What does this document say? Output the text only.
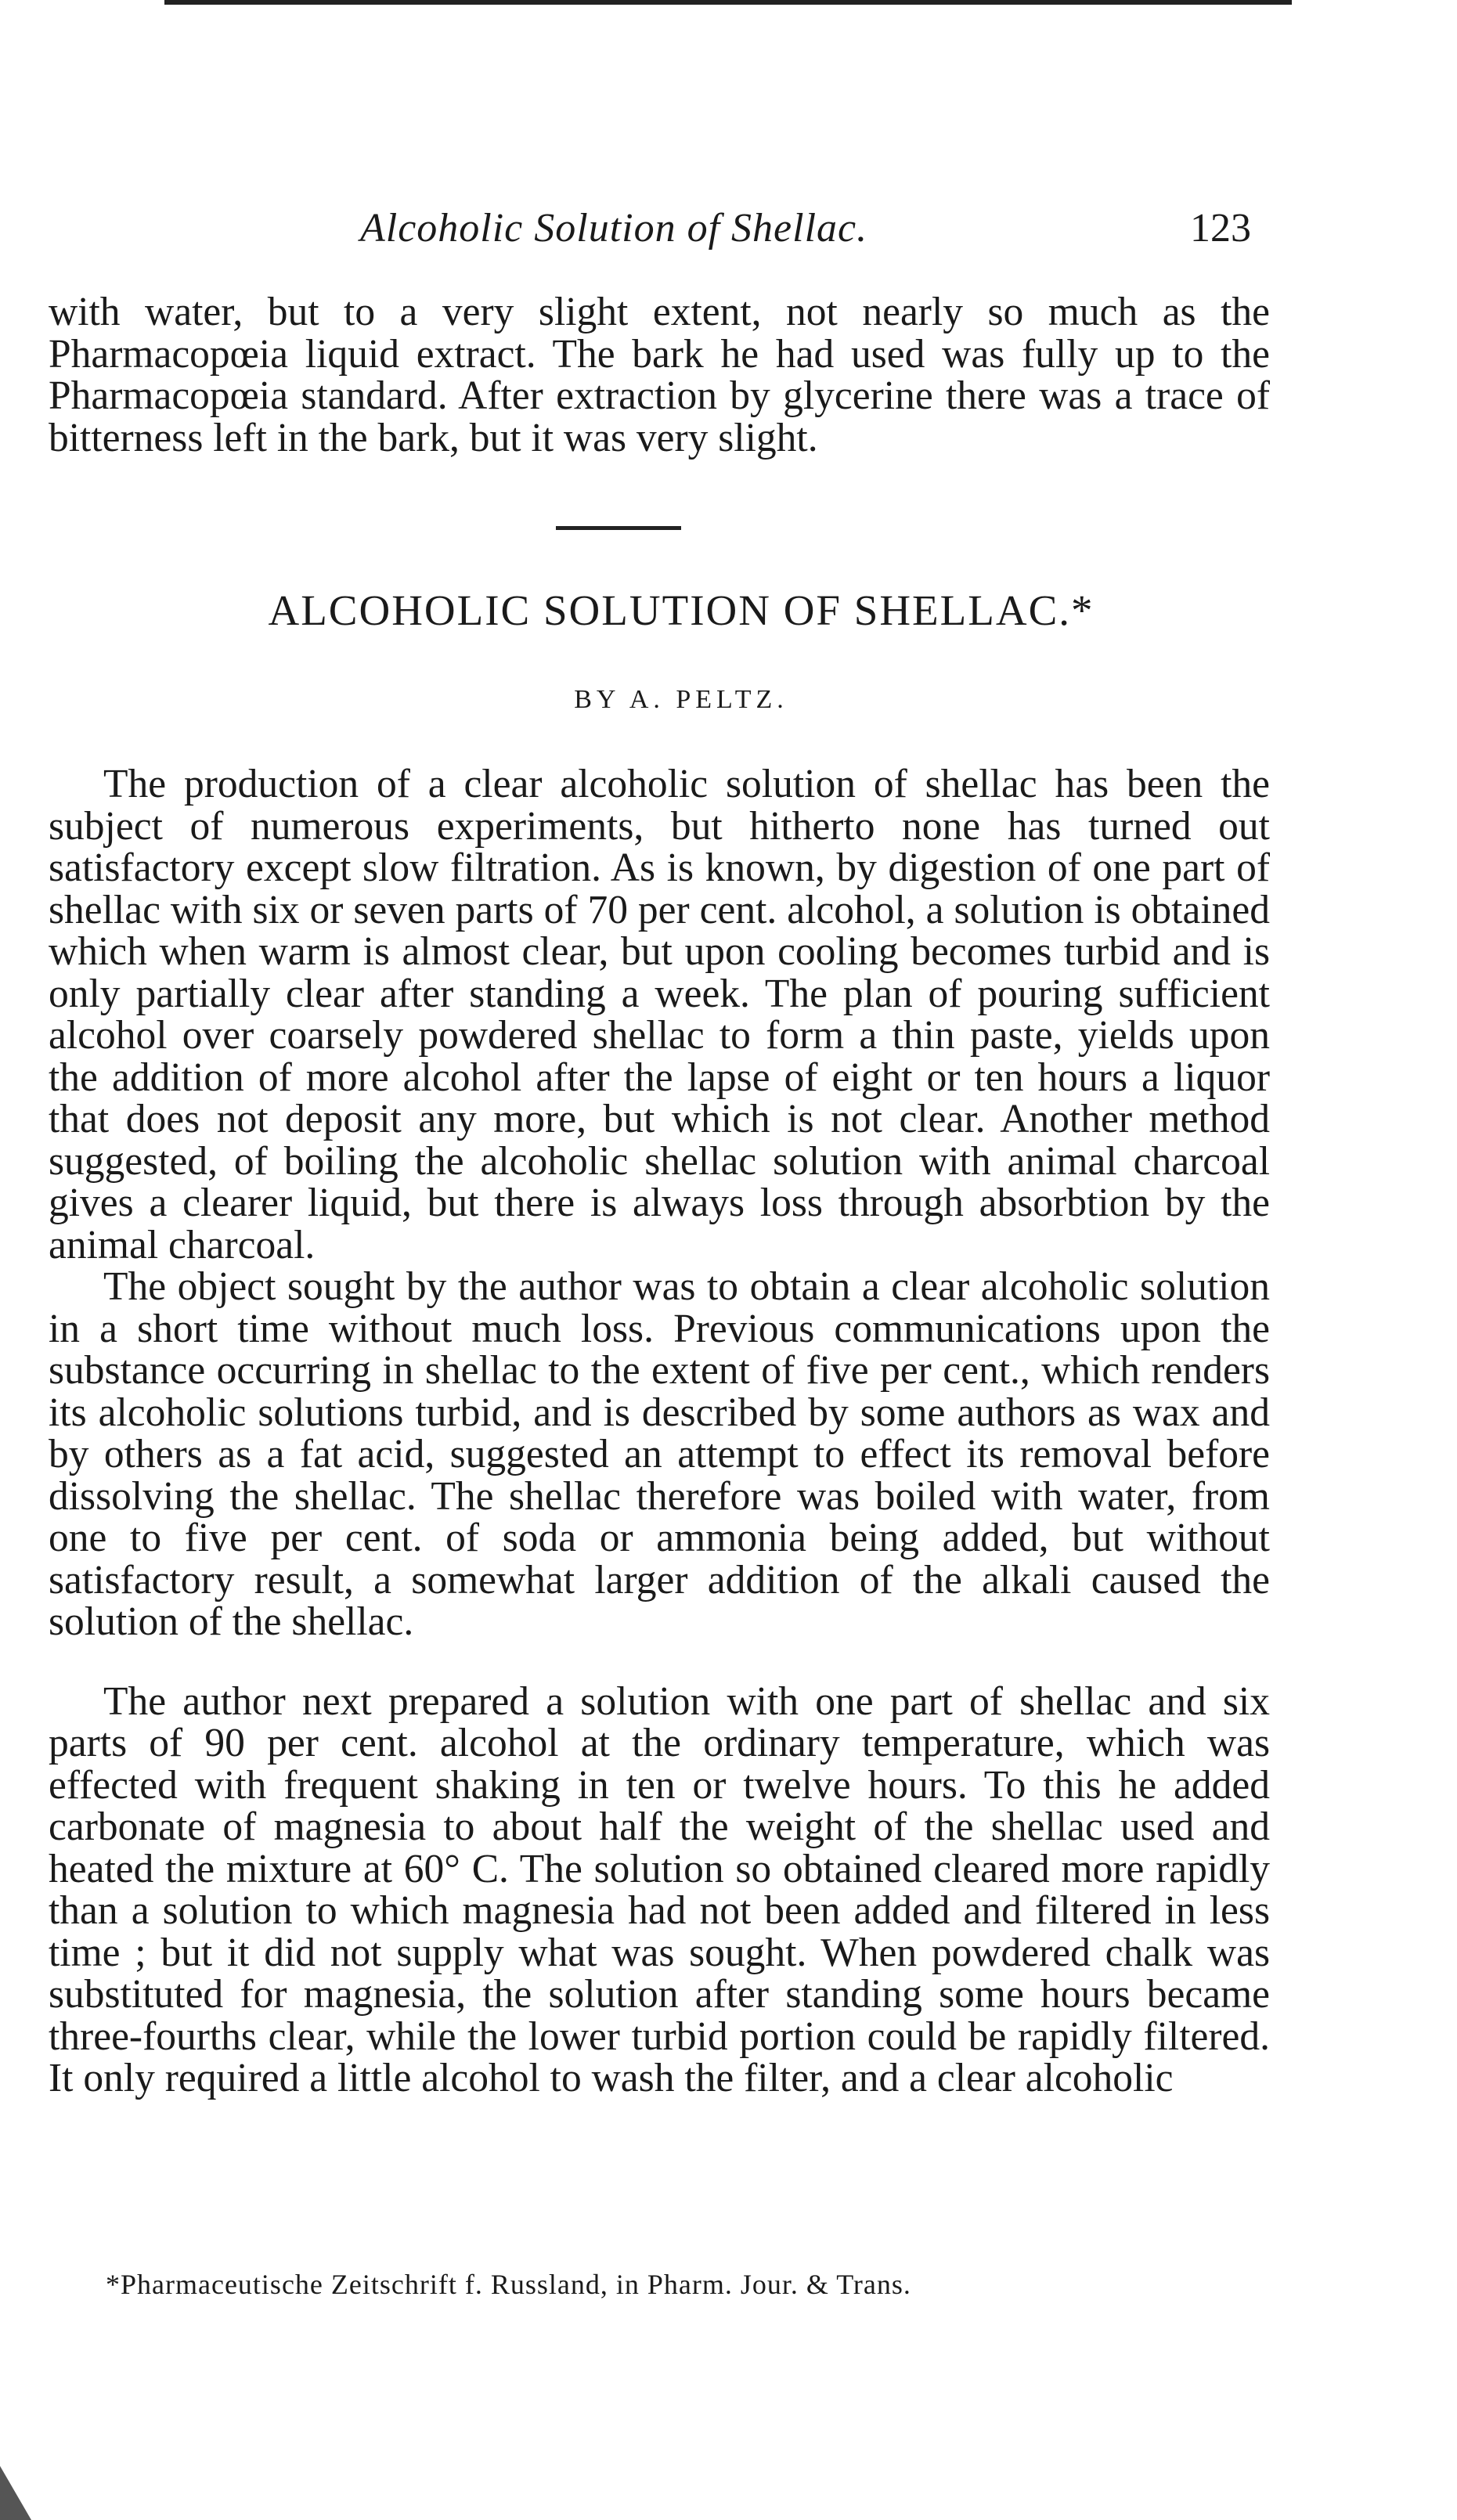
Alcoholic Solution of Shellac.	123

with water, but to a very slight extent, not nearly so much as the Pharmacopœia liquid extract. The bark he had used was fully up to the Pharmacopœia standard. After extraction by glycerine there was a trace of bitterness left in the bark, but it was very slight.

ALCOHOLIC SOLUTION OF SHELLAC.*
BY A. PELTZ.

The production of a clear alcoholic solution of shellac has been the subject of numerous experiments, but hitherto none has turned out satisfactory except slow filtration. As is known, by digestion of one part of shellac with six or seven parts of 70 per cent. alcohol, a solution is obtained which when warm is almost clear, but upon cooling becomes turbid and is only partially clear after standing a week. The plan of pouring sufficient alcohol over coarsely powdered shellac to form a thin paste, yields upon the addition of more alcohol after the lapse of eight or ten hours a liquor that does not deposit any more, but which is not clear. Another method suggested, of boiling the alcoholic shellac solution with animal charcoal gives a clearer liquid, but there is always loss through absorbtion by the animal charcoal.

The object sought by the author was to obtain a clear alcoholic solution in a short time without much loss. Previous communications upon the substance occurring in shellac to the extent of five per cent., which renders its alcoholic solutions turbid, and is described by some authors as wax and by others as a fat acid, suggested an attempt to effect its removal before dissolving the shellac. The shellac therefore was boiled with water, from one to five per cent. of soda or ammonia being added, but without satisfactory result, a somewhat larger addition of the alkali caused the solution of the shellac.

The author next prepared a solution with one part of shellac and six parts of 90 per cent. alcohol at the ordinary temperature, which was effected with frequent shaking in ten or twelve hours. To this he added carbonate of magnesia to about half the weight of the shellac used and heated the mixture at 60° C. The solution so obtained cleared more rapidly than a solution to which magnesia had not been added and filtered in less time ; but it did not supply what was sought. When powdered chalk was substituted for magnesia, the solution after standing some hours became three-fourths clear, while the lower turbid portion could be rapidly filtered. It only required a little alcohol to wash the filter, and a clear alcoholic

*Pharmaceutische Zeitschrift f. Russland, in Pharm. Jour. & Trans.
